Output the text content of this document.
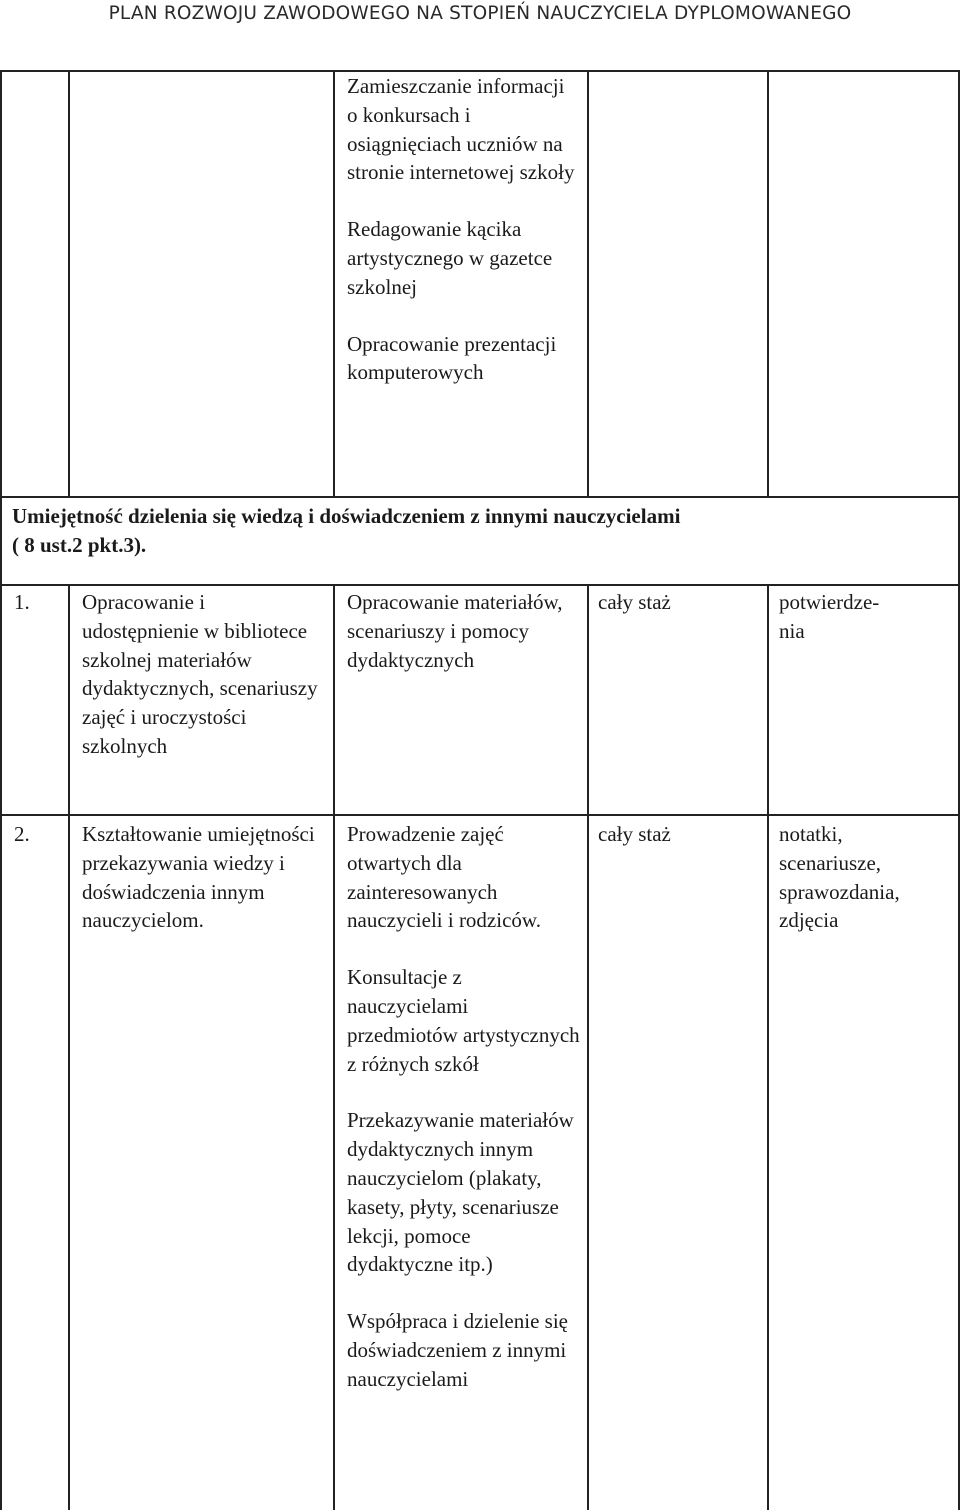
PLAN ROZWOJU ZAWODOWEGO NA STOPIEŃ NAUCZYCIELA DYPLOMOWANEGO

Zamieszczanie informacji o konkursach i osiągnięciach uczniów na stronie internetowej szkoły

Redagowanie kącika artystycznego w gazetce szkolnej

Opracowanie prezentacji komputerowych

Umiejętność dzielenia się wiedzą i doświadczeniem z innymi nauczycielami

( 8 ust.2 pkt.3).

1. Opracowanie i udostępnienie w bibliotece szkolnej materiałów dydaktycznych, scenariuszy zajęć i uroczystości szkolnych

Opracowanie materiałów, scenariuszy i pomocy dydaktycznych

cały staż	potwierdze- nia
2. Kształtowanie umiejętności przekazywania wiedzy i doświadczenia innym nauczycielom.

Prowadzenie zajęć otwartych dla zainteresowanych nauczycieli i rodziców.

Konsultacje z nauczycielami przedmiotów artystycznych z różnych szkół

Przekazywanie materiałów dydaktycznych innym nauczycielom (plakaty, kasety, płyty, scenariusze lekcji, pomoce dydaktyczne itp.)

Współpraca i dzielenie się doświadczeniem z innymi nauczycielami

cały staż	notatki, scenariusze, sprawozdania, zdjęcia
